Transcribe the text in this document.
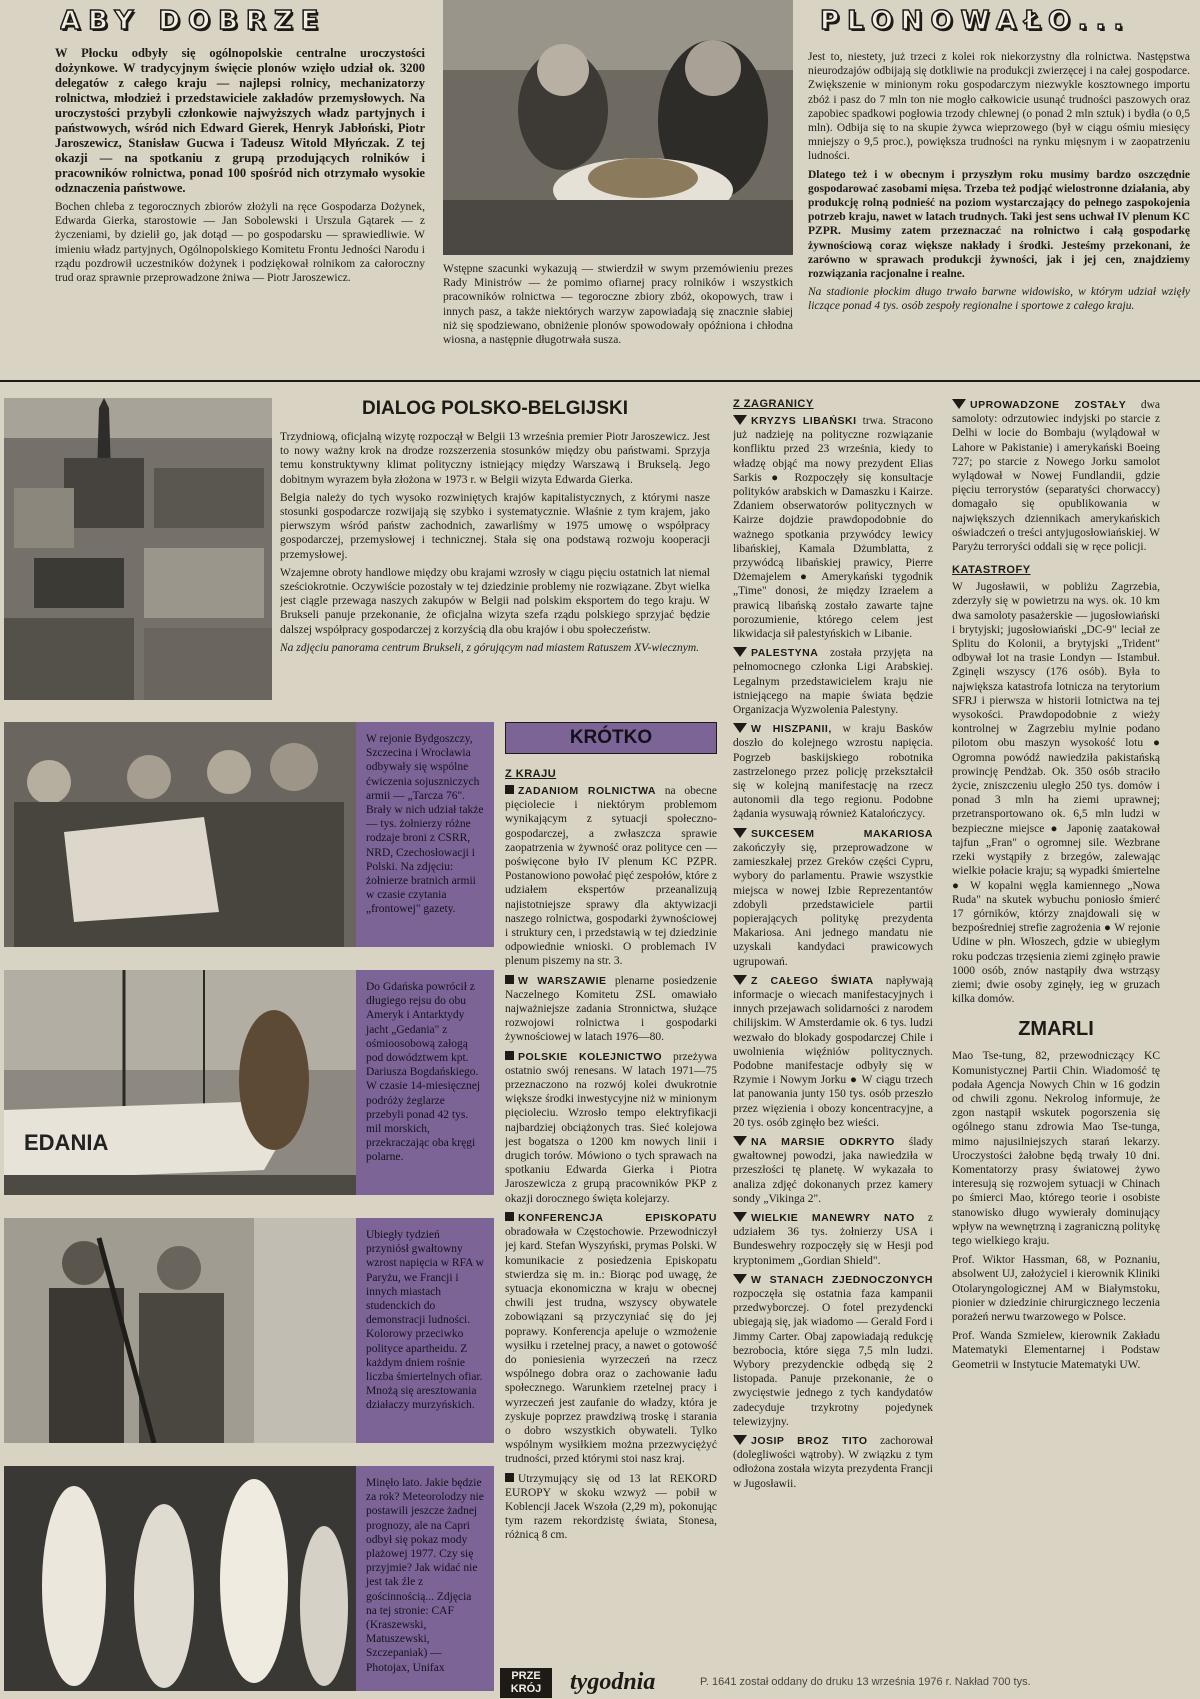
ABY DOBRZE	PLONOWAŁO...

W Płocku odbyły się ogólnopolskie centralne uroczystości dożynkowe. W tradycyjnym święcie plonów wzięło udział ok. 3200 delegatów z całego kraju — najlepsi rolnicy, mechanizatorzy rolnictwa, młodzież i przedstawiciele zakładów przemysłowych. Na uroczystości przybyli członkowie najwyższych władz partyjnych i państwowych, wśród nich Edward Gierek, Henryk Jabłoński, Piotr Jaroszewicz, Stanisław Gucwa i Tadeusz Witold Młyńczak. Z tej okazji — na spotkaniu z grupą przodujących rolników i pracowników rolnictwa, ponad 100 spośród nich otrzymało wysokie odznaczenia państwowe.

Bochen chleba z tegorocznych zbiorów złożyli na ręce Gospodarza Dożynek, Edwarda Gierka, starostowie — Jan Sobolewski i Urszula Gątarek — z życzeniami, by dzielił go, jak dotąd — po gospodarsku — sprawiedliwie. W imieniu władz partyjnych, Ogólnopolskiego Komitetu Frontu Jedności Narodu i rządu pozdrowił uczestników dożynek i podziękował rolnikom za całoroczny trud oraz sprawnie przeprowadzone żniwa — Piotr Jaroszewicz.

Wstępne szacunki wykazują — stwierdził w swym przemówieniu prezes Rady Ministrów — że pomimo ofiarnej pracy rolników i wszystkich pracowników rolnictwa — tegoroczne zbiory zbóż, okopowych, traw i innych pasz, a także niektórych warzyw zapowiadają się znacznie słabiej niż się spodziewano, obniżenie plonów spowodowały opóźniona i chłodna wiosna, a następnie długotrwała susza.

Jest to, niestety, już trzeci z kolei rok niekorzystny dla rolnictwa. Następstwa nieurodzajów odbijają się dotkliwie na produkcji zwierzęcej i na całej gospodarce. Zwiększenie w minionym roku gospodarczym niezwykle kosztownego importu zbóż i pasz do 7 mln ton nie mogło całkowicie usunąć trudności paszowych oraz zapobiec spadkowi pogłowia trzody chlewnej (o ponad 2 mln sztuk) i bydła (o 0,5 mln). Odbija się to na skupie żywca wieprzowego (był w ciągu ośmiu miesięcy mniejszy o 9,5 proc.), powiększa trudności na rynku mięsnym i w zaopatrzeniu ludności.

Dlatego też i w obecnym i przyszłym roku musimy bardzo oszczędnie gospodarować zasobami mięsa. Trzeba też podjąć wielostronne działania, aby produkcję rolną podnieść na poziom wystarczający do pełnego zaspokojenia potrzeb kraju, nawet w latach trudnych. Taki jest sens uchwał IV plenum KC PZPR. Musimy zatem przeznaczać na rolnictwo i całą gospodarkę żywnościową coraz większe nakłady i środki. Jesteśmy przekonani, że zarówno w sprawach produkcji żywności, jak i jej cen, znajdziemy rozwiązania racjonalne i realne.

Na stadionie płockim długo trwało barwne widowisko, w którym udział wzięły liczące ponad 4 tys. osób zespoły regionalne i sportowe z całego kraju.

DIALOG POLSKO-BELGIJSKI

Trzydniową, oficjalną wizytę rozpoczął w Belgii 13 września premier Piotr Jaroszewicz. Jest to nowy ważny krok na drodze rozszerzenia stosunków między obu państwami. Sprzyja temu konstruktywny klimat polityczny istniejący między Warszawą i Brukselą. Jego dobitnym wyrazem była złożona w 1973 r. w Belgii wizyta Edwarda Gierka.

Belgia należy do tych wysoko rozwiniętych krajów kapitalistycznych, z którymi nasze stosunki gospodarcze rozwijają się szybko i systematycznie. Właśnie z tym krajem, jako pierwszym wśród państw zachodnich, zawarliśmy w 1975 umowę o współpracy gospodarczej, przemysłowej i technicznej. Stała się ona podstawą rozwoju kooperacji przemysłowej.

Wzajemne obroty handlowe między obu krajami wzrosły w ciągu pięciu ostatnich lat niemal sześciokrotnie. Oczywiście pozostały w tej dziedzinie problemy nie rozwiązane. Zbyt wielka jest ciągle przewaga naszych zakupów w Belgii nad polskim eksportem do tego kraju. W Brukseli panuje przekonanie, że oficjalna wizyta szefa rządu polskiego sprzyjać będzie dalszej współpracy gospodarczej z korzyścią dla obu krajów i obu społeczeństw.

Na zdjęciu panorama centrum Brukseli, z górującym nad miastem Ratuszem XV-wiecznym.

W rejonie Bydgoszczy, Szczecina i Wrocławia odbywały się wspólne ćwiczenia sojuszniczych armii — „Tarcza 76". Brały w nich udział także — tys. żołnierzy różne rodzaje broni z CSRR, NRD, Czechosłowacji i Polski. Na zdjęciu: żołnierze bratnich armii w czasie czytania „frontowej" gazety.

EDANIA

Do Gdańska powrócił z długiego rejsu do obu Ameryk i Antarktydy jacht „Gedania" z ośmioosobową załogą pod dowództwem kpt. Dariusza Bogdańskiego. W czasie 14-miesięcznej podróży żeglarze przebyli ponad 42 tys. mil morskich, przekraczając oba kręgi polarne.

Ubiegły tydzień przyniósł gwałtowny wzrost napięcia w RFA w Paryżu, we Francji i innych miastach studenckich do demonstracji ludności. Kolorowy przeciwko polityce apartheidu. Z każdym dniem rośnie liczba śmiertelnych ofiar. Mnożą się aresztowania działaczy murzyńskich.

Minęło lato. Jakie będzie za rok? Meteorolodzy nie postawili jeszcze żadnej prognozy, ale na Capri odbył się pokaz mody plażowej 1977. Czy się przyjmie? Jak widać nie jest tak źle z gościnnością... Zdjęcia na tej stronie: CAF (Kraszewski, Matuszewski, Szczepaniak) — Photojax, Unifax

KRÓTKO
Z KRAJU

ZADANIOM ROLNICTWA na obecne pięciolecie i niektórym problemom wynikającym z sytuacji społeczno-gospodarczej, a zwłaszcza sprawie zaopatrzenia w żywność oraz polityce cen — poświęcone było IV plenum KC PZPR. Postanowiono powołać pięć zespołów, które z udziałem ekspertów przeanalizują najistotniejsze sprawy dla aktywizacji naszego rolnictwa, gospodarki żywnościowej i struktury cen, i przedstawią w tej dziedzinie odpowiednie wnioski. O problemach IV plenum piszemy na str. 3.

W WARSZAWIE plenarne posiedzenie Naczelnego Komitetu ZSL omawiało najważniejsze zadania Stronnictwa, służące rozwojowi rolnictwa i gospodarki żywnościowej w latach 1976—80.

POLSKIE KOLEJNICTWO przeżywa ostatnio swój renesans. W latach 1971—75 przeznaczono na rozwój kolei dwukrotnie większe środki inwestycyjne niż w minionym pięcioleciu. Wzrosło tempo elektryfikacji najbardziej obciążonych tras. Sieć kolejowa jest bogatsza o 1200 km nowych linii i drugich torów. Mówiono o tych sprawach na spotkaniu Edwarda Gierka i Piotra Jaroszewicza z grupą pracowników PKP z okazji dorocznego święta kolejarzy.

KONFERENCJA EPISKOPATU obradowała w Częstochowie. Przewodniczył jej kard. Stefan Wyszyński, prymas Polski. W komunikacie z posiedzenia Episkopatu stwierdza się m. in.: Biorąc pod uwagę, że sytuacja ekonomiczna w kraju w obecnej chwili jest trudna, wszyscy obywatele zobowiązani są przyczyniać się do jej poprawy. Konferencja apeluje o wzmożenie wysiłku i rzetelnej pracy, a nawet o gotowość do poniesienia wyrzeczeń na rzecz wspólnego dobra oraz o zachowanie ładu społecznego. Warunkiem rzetelnej pracy i wyrzeczeń jest zaufanie do władzy, która je zyskuje poprzez prawdziwą troskę i starania o dobro wszystkich obywateli. Tylko wspólnym wysiłkiem można przezwyciężyć trudności, przed którymi stoi nasz kraj.

Utrzymujący się od 13 lat REKORD EUROPY w skoku wzwyż — pobił w Koblencji Jacek Wszoła (2,29 m), pokonując tym razem rekordzistę świata, Stonesa, różnicą 8 cm.

Z ZAGRANICY

KRYZYS LIBAŃSKI trwa. Stracono już nadzieję na polityczne rozwiązanie konfliktu przed 23 września, kiedy to władzę objąć ma nowy prezydent Elias Sarkis ● Rozpoczęły się konsultacje polityków arabskich w Damaszku i Kairze. Zdaniem obserwatorów politycznych w Kairze dojdzie prawdopodobnie do ważnego spotkania przywódcy lewicy libańskiej, Kamala Dżumblatta, z przywódcą libańskiej prawicy, Pierre Dżemajelem ● Amerykański tygodnik „Time" donosi, że między Izraelem a prawicą libańską zostało zawarte tajne porozumienie, którego celem jest likwidacja sił palestyńskich w Libanie.

PALESTYNA została przyjęta na pełnomocnego członka Ligi Arabskiej. Legalnym przedstawicielem kraju nie istniejącego na mapie świata będzie Organizacja Wyzwolenia Palestyny.

W HISZPANII, w kraju Basków doszło do kolejnego wzrostu napięcia. Pogrzeb baskijskiego robotnika zastrzelonego przez policję przekształcił się w kolejną manifestację na rzecz autonomii dla tego regionu. Podobne żądania wysuwają również Katalończycy.

SUKCESEM MAKARIOSA zakończyły się, przeprowadzone w zamieszkałej przez Greków części Cypru, wybory do parlamentu. Prawie wszystkie miejsca w nowej Izbie Reprezentantów zdobyli przedstawiciele partii popierających politykę prezydenta Makariosa. Ani jednego mandatu nie uzyskali kandydaci prawicowych ugrupowań.

Z CAŁEGO ŚWIATA napływają informacje o wiecach manifestacyjnych i innych przejawach solidarności z narodem chilijskim. W Amsterdamie ok. 6 tys. ludzi wezwało do blokady gospodarczej Chile i uwolnienia więźniów politycznych. Podobne manifestacje odbyły się w Rzymie i Nowym Jorku ● W ciągu trzech lat panowania junty 150 tys. osób przeszło przez więzienia i obozy koncentracyjne, a 20 tys. osób zginęło bez wieści.

NA MARSIE ODKRYTO ślady gwałtownej powodzi, jaka nawiedziła w przeszłości tę planetę. W wykazała to analiza zdjęć dokonanych przez kamery sondy „Vikinga 2".

WIELKIE MANEWRY NATO z udziałem 36 tys. żołnierzy USA i Bundeswehry rozpoczęły się w Hesji pod kryptonimem „Gordian Shield".

W STANACH ZJEDNOCZONYCH rozpoczęła się ostatnia faza kampanii przedwyborczej. O fotel prezydencki ubiegają się, jak wiadomo — Gerald Ford i Jimmy Carter. Obaj zapowiadają redukcję bezrobocia, które sięga 7,5 mln ludzi. Wybory prezydenckie odbędą się 2 listopada. Panuje przekonanie, że o zwycięstwie jednego z tych kandydatów zadecyduje trzykrotny pojedynek telewizyjny.

JOSIP BROZ TITO zachorował (dolegliwości wątroby). W związku z tym odłożona została wizyta prezydenta Francji w Jugosławii.

UPROWADZONE ZOSTAŁY dwa samoloty: odrzutowiec indyjski po starcie z Delhi w locie do Bombaju (wylądował w Lahore w Pakistanie) i amerykański Boeing 727; po starcie z Nowego Jorku samolot wylądował w Nowej Fundlandii, gdzie pięciu terrorystów (separatyści chorwaccy) domagało się opublikowania w największych dziennikach amerykańskich oświadczeń o treści antyjugosłowiańskiej. W Paryżu terroryści oddali się w ręce policji.

KATASTROFY

W Jugosławii, w pobliżu Zagrzebia, zderzyły się w powietrzu na wys. ok. 10 km dwa samoloty pasażerskie — jugosłowiański i brytyjski; jugosłowiański „DC-9" leciał ze Splitu do Kolonii, a brytyjski „Trident" odbywał lot na trasie Londyn — Istambuł. Zginęli wszyscy (176 osób). Była to największa katastrofa lotnicza na terytorium SFRJ i pierwsza w historii lotnictwa na tej wysokości. Prawdopodobnie z wieży kontrolnej w Zagrzebiu mylnie podano pilotom obu maszyn wysokość lotu ● Ogromna powódź nawiedziła pakistańską prowincję Pendżab. Ok. 350 osób straciło życie, zniszczeniu uległo 250 tys. domów i ponad 3 mln ha ziemi uprawnej; przetransportowano ok. 6,5 mln ludzi w bezpieczne miejsce ● Japonię zaatakował tajfun „Fran" o ogromnej sile. Wezbrane rzeki wystąpiły z brzegów, zalewając wielkie połacie kraju; są wypadki śmiertelne ● W kopalni węgla kamiennego „Nowa Ruda" na skutek wybuchu poniosło śmierć 17 górników, którzy znajdowali się w bezpośredniej strefie zagrożenia ● W rejonie Udine w płn. Włoszech, gdzie w ubiegłym roku podczas trzęsienia ziemi zginęło prawie 1000 osób, znów nastąpiły dwa wstrząsy ziemi; dwie osoby zginęły, ieg w gruzach kilka domów.

ZMARLI

Mao Tse-tung, 82, przewodniczący KC Komunistycznej Partii Chin. Wiadomość tę podała Agencja Nowych Chin w 16 godzin od chwili zgonu. Nekrolog informuje, że zgon nastąpił wskutek pogorszenia się ogólnego stanu zdrowia Mao Tse-tunga, mimo najusilniejszych starań lekarzy. Uroczystości żałobne będą trwały 10 dni. Komentatorzy prasy światowej żywo interesują się rozwojem sytuacji w Chinach po śmierci Mao, którego teorie i osobiste stanowisko długo wywierały dominujący wpływ na wewnętrzną i zagraniczną politykę tego wielkiego kraju.

Prof. Wiktor Hassman, 68, w Poznaniu, absolwent UJ, założyciel i kierownik Kliniki Otolaryngologicznej AM w Białymstoku, pionier w dziedzinie chirurgicznego leczenia porażeń nerwu twarzowego w Polsce.

Prof. Wanda Szmielew, kierownik Zakładu Matematyki Elementarnej i Podstaw Geometrii w Instytucie Matematyki UW.

PRZE
KRÓJ	tygodnia	P. 1641 został oddany do druku 13 września 1976 r. Nakład 700 tys.
